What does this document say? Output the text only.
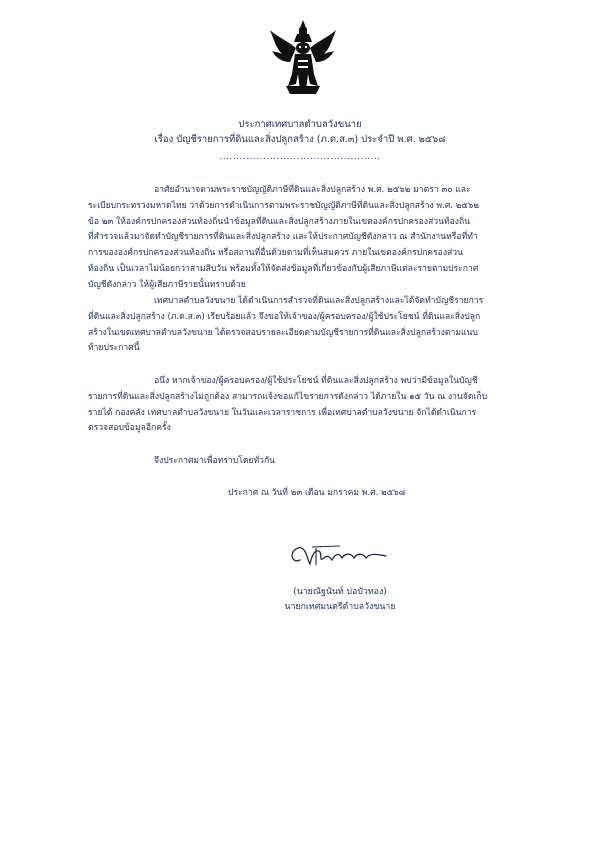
ประกาศเทศบาลตำบลวังขนาย
เรื่อง บัญชีรายการที่ดินและสิ่งปลูกสร้าง (ภ.ด.ส.๓) ประจำปี พ.ศ. ๒๕๖๘
................................................
อาศัยอำนาจตามพระราชบัญญัติภาษีที่ดินและสิ่งปลูกสร้าง พ.ศ. ๒๕๖๒ มาตรา ๓๐ และ
ระเบียบกระทรวงมหาดไทย ว่าด้วยการดำเนินการตามพระราชบัญญัติภาษีที่ดินและสิ่งปลูกสร้าง พ.ศ. ๒๕๖๒
ข้อ ๒๓ ให้องค์กรปกครองส่วนท้องถิ่นนำข้อมูลที่ดินและสิ่งปลูกสร้างภายในเขตองค์กรปกครองส่วนท้องถิ่น
ที่สำรวจแล้วมาจัดทำบัญชีรายการที่ดินและสิ่งปลูกสร้าง และให้ประกาศบัญชีดังกล่าว ณ สำนักงานหรือที่ทำ
การขององค์กรปกครองส่วนท้องถิ่น หรือสถานที่อื่นด้วยตามที่เห็นสมควร ภายในเขตองค์กรปกครองส่วน
ท้องถิ่น เป็นเวลาไม่น้อยกว่าสามสิบวัน พร้อมทั้งให้จัดส่งข้อมูลที่เกี่ยวข้องกับผู้เสียภาษีแต่ละรายตามประกาศ
บัญชีดังกล่าว ให้ผู้เสียภาษีรายนั้นทราบด้วย
เทศบาลตำบลวังขนาย ได้ดำเนินการสำรวจที่ดินและสิ่งปลูกสร้างและได้จัดทำบัญชีรายการ
ที่ดินและสิ่งปลูกสร้าง (ภ.ด.ส.๓) เรียบร้อยแล้ว จึงขอให้เจ้าของ/ผู้ครอบครอง/ผู้ใช้ประโยชน์ ที่ดินและสิ่งปลูก
สร้างในเขตเทศบาลตำบลวังขนาย ได้ตรวจสอบรายละเอียดตามบัญชีรายการที่ดินและสิ่งปลูกสร้างตามแนบ
ท้ายประกาศนี้
อนึ่ง หากเจ้าของ/ผู้ครอบครอง/ผู้ใช้ประโยชน์ ที่ดินและสิ่งปลูกสร้าง พบว่ามีข้อมูลในบัญชี
รายการที่ดินและสิ่งปลูกสร้างไม่ถูกต้อง สามารถแจ้งขอแก้ไขรายการดังกล่าว ได้ภายใน ๑๕ วัน ณ งานจัดเก็บ
รายได้ กองคลัง เทศบาลตำบลวังขนาย ในวันและเวลาราชการ เพื่อเทศบาลตำบลวังขนาย จักได้ดำเนินการ
ตรวจสอบข้อมูลอีกครั้ง
จึงประกาศมาเพื่อทราบโดยทั่วกัน
ประกาศ ณ วันที่ ๒๓ เดือน มกราคม พ.ศ. ๒๕๖๘
(นายณัฐนันท์ บ่อบัวทอง)
นายกเทศมนตรีตำบลวังขนาย
